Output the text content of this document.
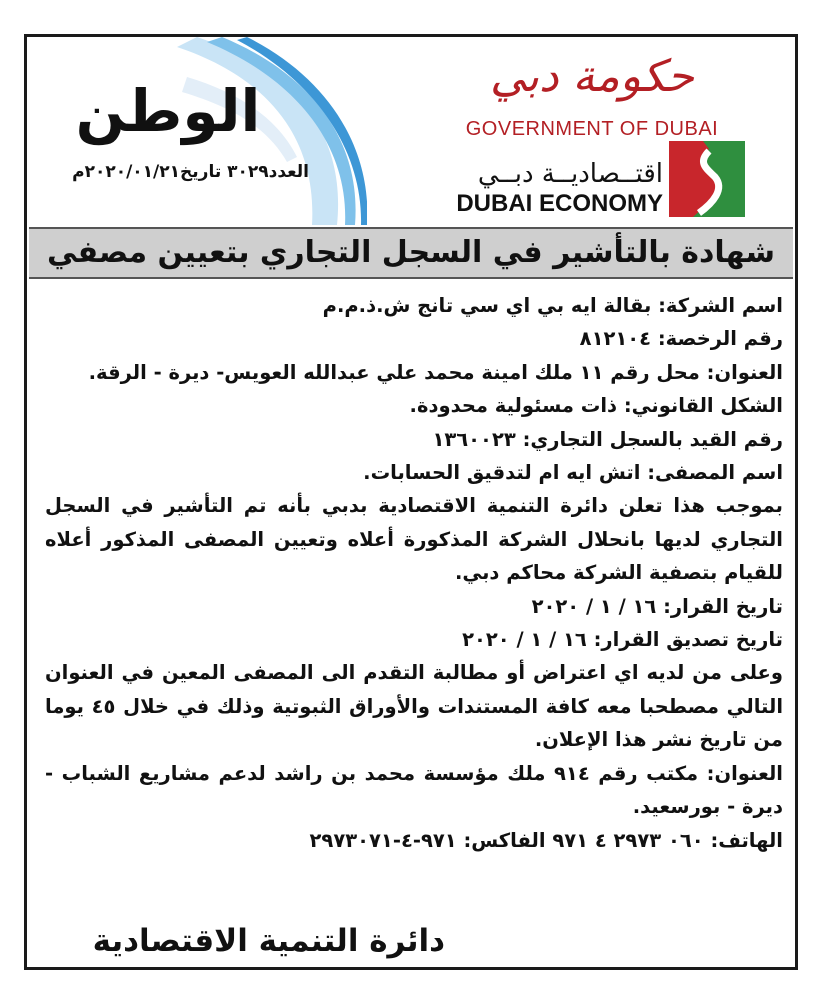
الوطن
العدد٣٠٢٩ تاريخ٢٠٢٠/٠١/٢١م
حكومة دبي
GOVERNMENT OF DUBAI
اقتــصاديــة دبــي
DUBAI ECONOMY
شهادة بالتأشير في السجل التجاري بتعيين مصفي

اسم الشركة: بقالة ايه بي اي سي تانج ش.ذ.م.م

رقم الرخصة: ٨١٢١٠٤

العنوان: محل رقم ١١ ملك امينة محمد علي عبدالله العويس- ديرة - الرقة.

الشكل القانوني: ذات مسئولية محدودة.

رقم القيد بالسجل التجاري: ١٣٦٠٠٢٣

اسم المصفى: اتش ايه ام لتدقيق الحسابات.

بموجب هذا تعلن دائرة التنمية الاقتصادية بدبي بأنه تم التأشير في السجل التجاري لديها بانحلال الشركة المذكورة أعلاه وتعيين المصفى المذكور أعلاه للقيام بتصفية الشركة محاكم دبي.

تاريخ القرار: ١٦ / ١ / ٢٠٢٠

تاريخ تصديق القرار: ١٦ / ١ / ٢٠٢٠

وعلى من لديه اي اعتراض أو مطالبة التقدم الى المصفى المعين في العنوان التالي مصطحبا معه كافة المستندات والأوراق الثبوتية وذلك في خلال ٤٥ يوما من تاريخ نشر هذا الإعلان.

العنوان: مكتب رقم ٩١٤ ملك مؤسسة محمد بن راشد لدعم مشاريع الشباب - ديرة - بورسعيد.

الهاتف: ٠٦٠ ٢٩٧٣ ٤ ٩٧١ الفاكس: ٩٧١-٤-٢٩٧٣٠٧١

دائرة التنمية الاقتصادية
